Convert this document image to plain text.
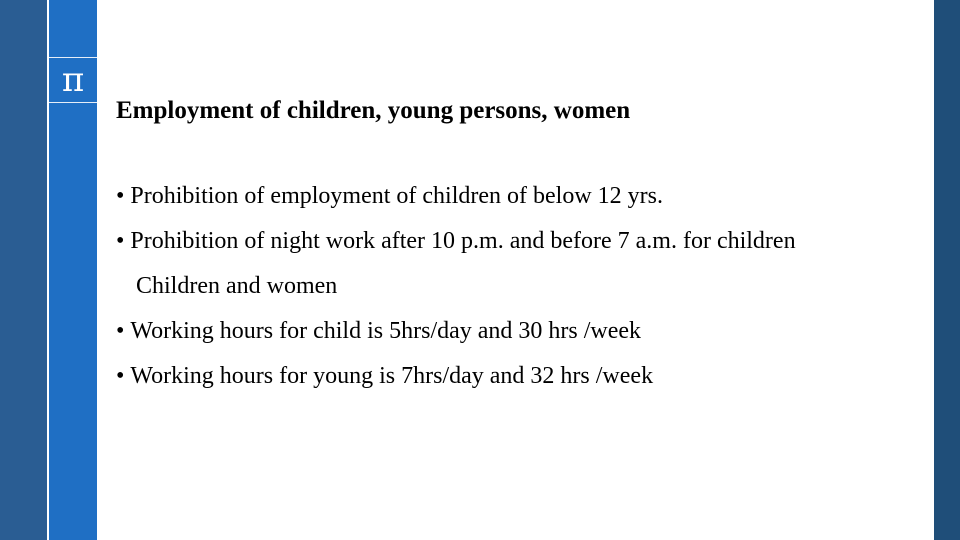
π
Employment of children, young persons, women
• Prohibition of employment of children of below 12 yrs.
• Prohibition of night work after 10 p.m. and before 7 a.m. for children
Children and women
• Working hours for child is 5hrs/day and 30 hrs /week
• Working hours for young is 7hrs/day and 32 hrs /week
